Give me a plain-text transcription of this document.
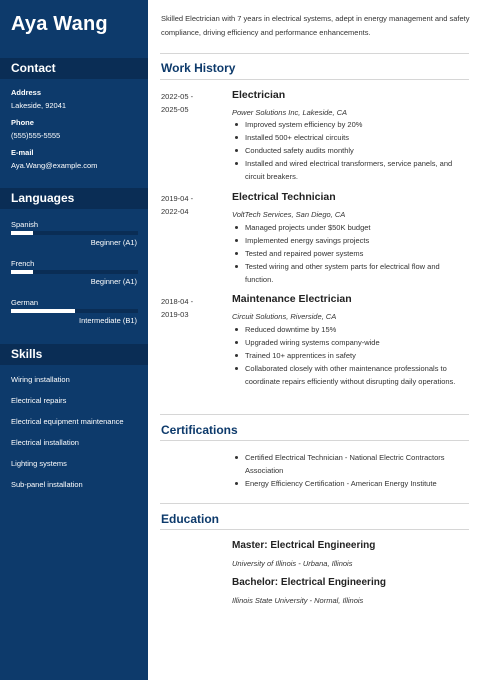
Aya Wang
Contact
Address
Lakeside, 92041
Phone
(555)555-5555
E-mail
Aya.Wang@example.com
Languages
Spanish
Beginner (A1)
French
Beginner (A1)
German
Intermediate (B1)
Skills
Wiring installation
Electrical repairs
Electrical equipment maintenance
Electrical installation
Lighting systems
Sub-panel installation
Skilled Electrician with 7 years in electrical systems, adept in energy management and safety compliance, driving efficiency and performance enhancements.
Work History
2022-05 -
2025-05
Electrician
Power Solutions Inc, Lakeside, CA
Improved system efficiency by 20%
Installed 500+ electrical circuits
Conducted safety audits monthly
Installed and wired electrical transformers, service panels, and circuit breakers.
2019-04 -
2022-04
Electrical Technician
VoltTech Services, San Diego, CA
Managed projects under $50K budget
Implemented energy savings projects
Tested and repaired power systems
Tested wiring and other system parts for electrical flow and function.
2018-04 -
2019-03
Maintenance Electrician
Circuit Solutions, Riverside, CA
Reduced downtime by 15%
Upgraded wiring systems company-wide
Trained 10+ apprentices in safety
Collaborated closely with other maintenance professionals to coordinate repairs efficiently without disrupting daily operations.
Certifications
Certified Electrical Technician - National Electric Contractors Association
Energy Efficiency Certification - American Energy Institute
Education
Master: Electrical Engineering
University of Illinois - Urbana, Illinois
Bachelor: Electrical Engineering
Illinois State University - Normal, Illinois
